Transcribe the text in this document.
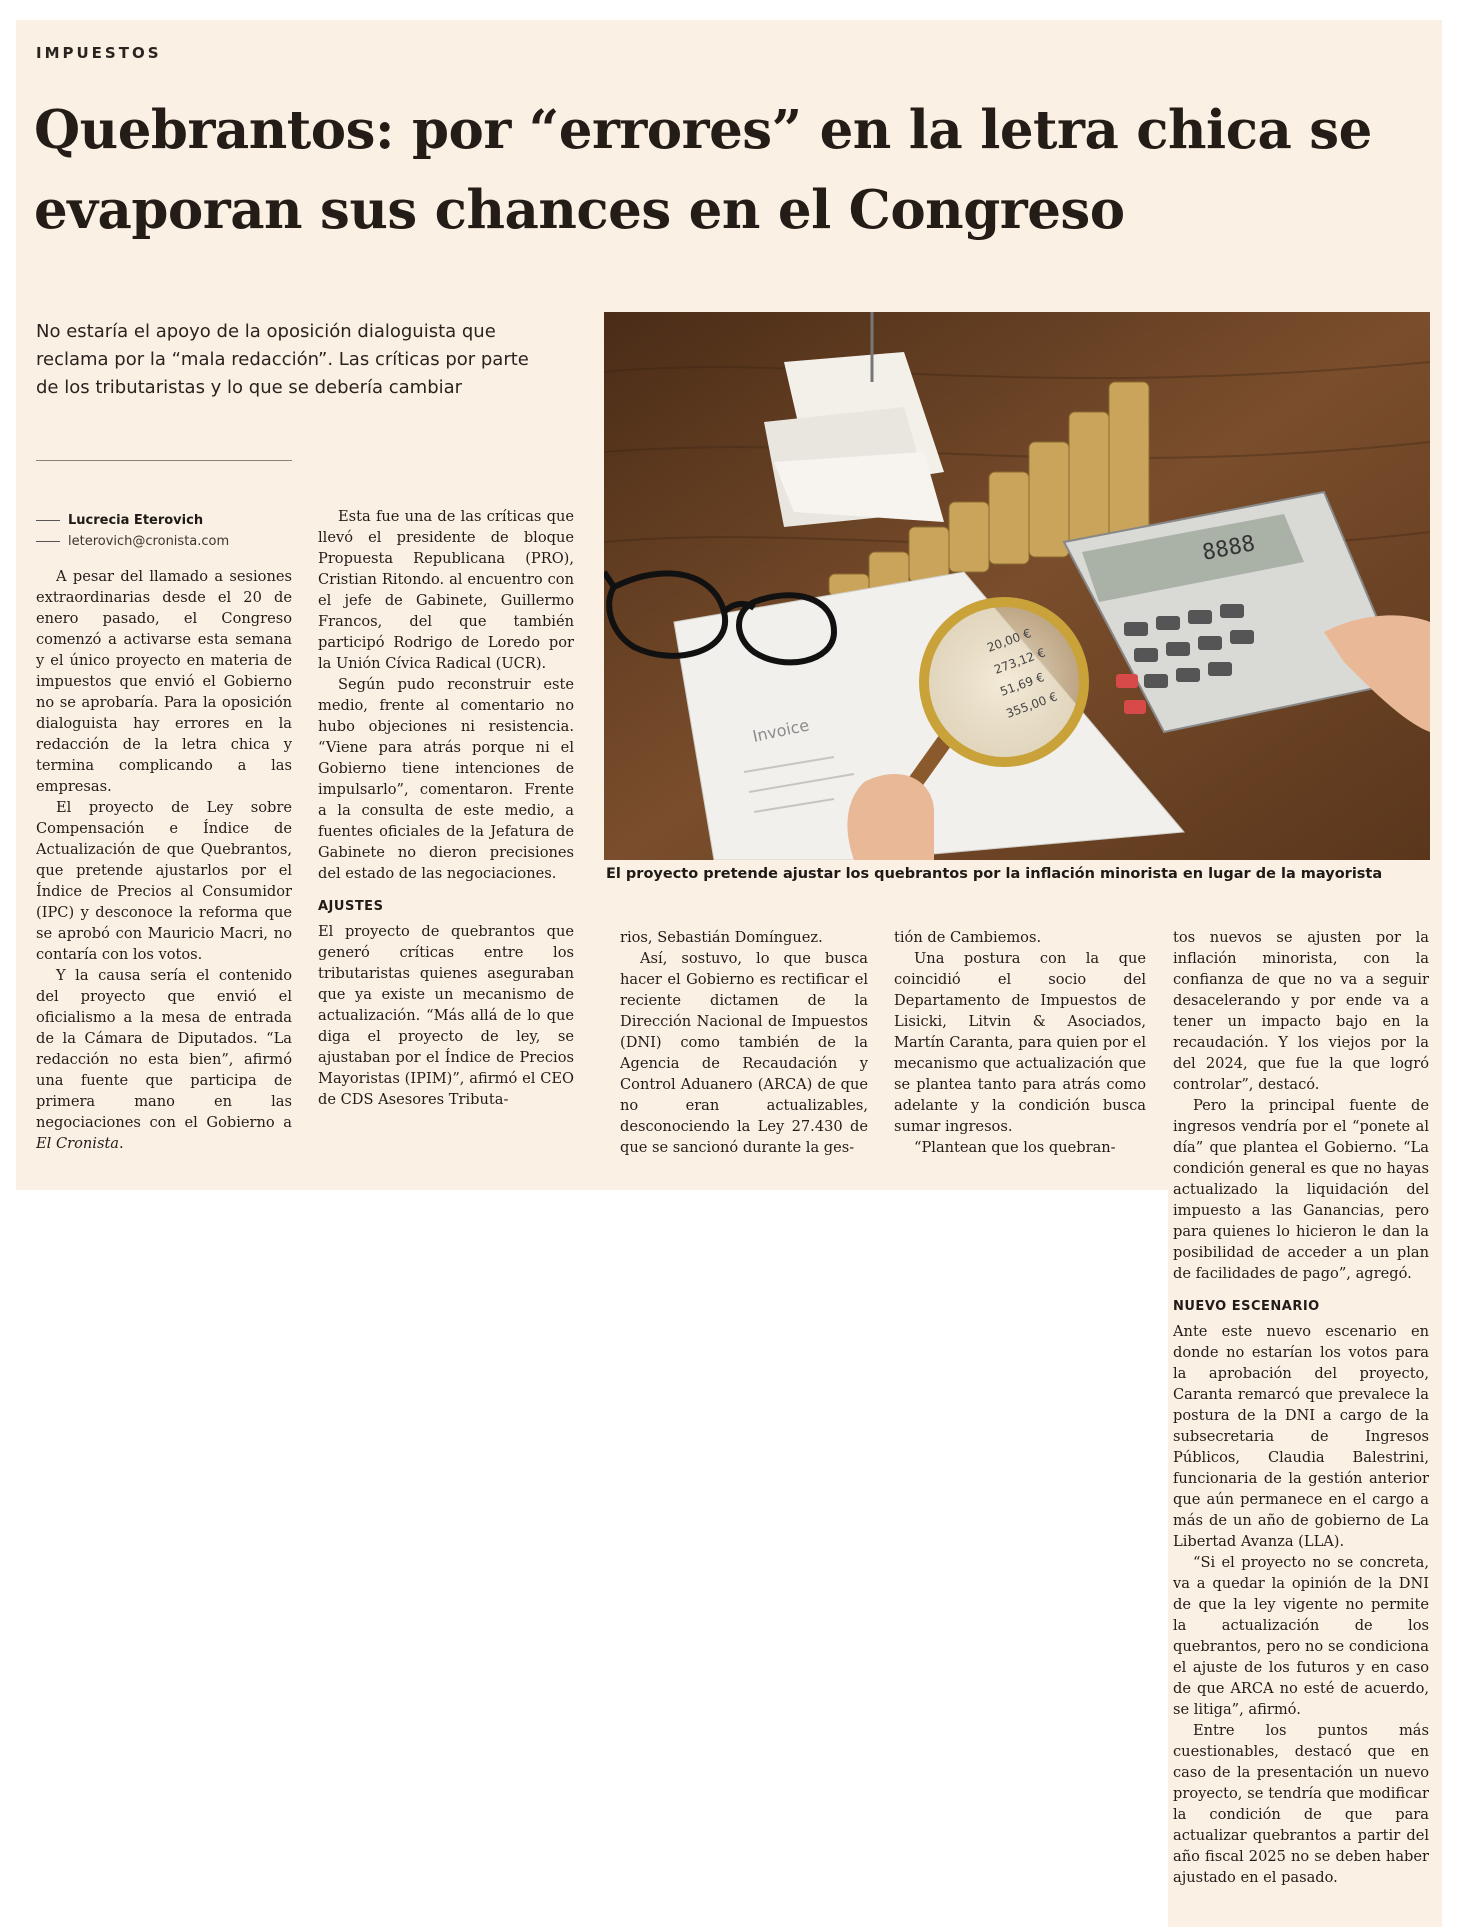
IMPUESTOS
Quebrantos: por “errores” en la letra chica se evaporan sus chances en el Congreso

No estaría el apoyo de la oposición dialoguista que reclama por la “mala redacción”. Las críticas por parte de los tributaristas y lo que se debería cambiar

Lucrecia Eterovich
leterovich@cronista.com

A pesar del llamado a sesiones extraordinarias desde el 20 de enero pasado, el Congreso comenzó a activarse esta semana y el único proyecto en materia de impuestos que envió el Gobierno no se aprobaría. Para la oposición dialoguista hay errores en la redacción de la letra chica y termina complicando a las empresas.

El proyecto de Ley sobre Compensación e Índice de Actualización de que Quebrantos, que pretende ajustarlos por el Índice de Precios al Consumidor (IPC) y desconoce la reforma que se aprobó con Mauricio Macri, no contaría con los votos.

Y la causa sería el contenido del proyecto que envió el oficialismo a la mesa de entrada de la Cámara de Diputados. “La redacción no esta bien”, afirmó una fuente que participa de primera mano en las negociaciones con el Gobierno a El Cronista.

Esta fue una de las críticas que llevó el presidente de bloque Propuesta Republicana (PRO), Cristian Ritondo. al encuentro con el jefe de Gabinete, Guillermo Francos, del que también participó Rodrigo de Loredo por la Unión Cívica Radical (UCR).

Según pudo reconstruir este medio, frente al comentario no hubo objeciones ni resistencia. “Viene para atrás porque ni el Gobierno tiene intenciones de impulsarlo”, comentaron. Frente a la consulta de este medio, a fuentes oficiales de la Jefatura de Gabinete no dieron precisiones del estado de las negociaciones.

AJUSTES

El proyecto de quebrantos que generó críticas entre los tributaristas quienes aseguraban que ya existe un mecanismo de actualización. “Más allá de lo que diga el proyecto de ley, se ajustaban por el Índice de Precios Mayoristas (IPIM)”, afirmó el CEO de CDS Asesores Tributa-

8888
Invoice
20,00 €
273,12 €
51,69 €
355,00 €
El proyecto pretende ajustar los quebrantos por la inflación minorista en lugar de la mayorista

rios, Sebastián Domínguez.

Así, sostuvo, lo que busca hacer el Gobierno es rectificar el reciente dictamen de la Dirección Nacional de Impuestos (DNI) como también de la Agencia de Recaudación y Control Aduanero (ARCA) de que no eran actualizables, desconociendo la Ley 27.430 de que se sancionó durante la ges-

tión de Cambiemos.

Una postura con la que coincidió el socio del Departamento de Impuestos de Lisicki, Litvin & Asociados, Martín Caranta, para quien por el mecanismo que actualización que se plantea tanto para atrás como adelante y la condición busca sumar ingresos.

“Plantean que los quebran-

tos nuevos se ajusten por la inflación minorista, con la confianza de que no va a seguir desacelerando y por ende va a tener un impacto bajo en la recaudación. Y los viejos por la del 2024, que fue la que logró controlar”, destacó.

Pero la principal fuente de ingresos vendría por el “ponete al día” que plantea el Gobierno. “La condición general es que no hayas actualizado la liquidación del impuesto a las Ganancias, pero para quienes lo hicieron le dan la posibilidad de acceder a un plan de facilidades de pago”, agregó.

NUEVO ESCENARIO

Ante este nuevo escenario en donde no estarían los votos para la aprobación del proyecto, Caranta remarcó que prevalece la postura de la DNI a cargo de la subsecretaria de Ingresos Públicos, Claudia Balestrini, funcionaria de la gestión anterior que aún permanece en el cargo a más de un año de gobierno de La Libertad Avanza (LLA).

“Si el proyecto no se concreta, va a quedar la opinión de la DNI de que la ley vigente no permite la actualización de los quebrantos, pero no se condiciona el ajuste de los futuros y en caso de que ARCA no esté de acuerdo, se litiga”, afirmó.

Entre los puntos más cuestionables, destacó que en caso de la presentación un nuevo proyecto, se tendría que modificar la condición de que para actualizar quebrantos a partir del año fiscal 2025 no se deben haber ajustado en el pasado.
